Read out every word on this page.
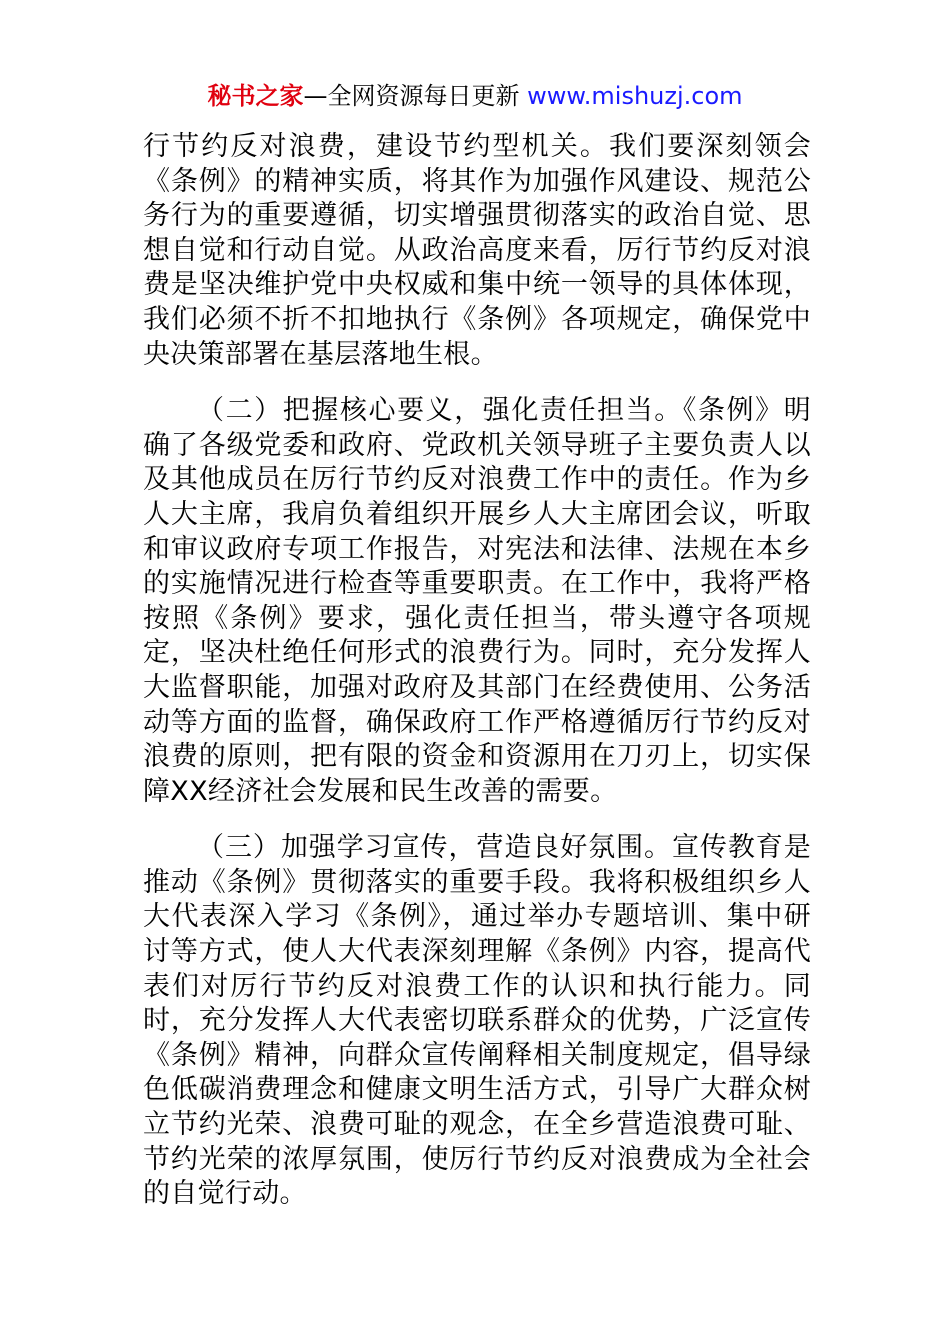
秘书之家—全网资源每日更新 www.mishuzj.com

行节约反对浪费，建设节约型机关。我们要深刻领会《条例》的精神实质，将其作为加强作风建设、规范公务行为的重要遵循，切实增强贯彻落实的政治自觉、思想自觉和行动自觉。从政治高度来看，厉行节约反对浪费是坚决维护党中央权威和集中统一领导的具体体现，我们必须不折不扣地执行《条例》各项规定，确保党中央决策部署在基层落地生根。

（二）把握核心要义，强化责任担当。《条例》明确了各级党委和政府、党政机关领导班子主要负责人以及其他成员在厉行节约反对浪费工作中的责任。作为乡人大主席，我肩负着组织开展乡人大主席团会议，听取和审议政府专项工作报告，对宪法和法律、法规在本乡的实施情况进行检查等重要职责。在工作中，我将严格按照《条例》要求，强化责任担当，带头遵守各项规定，坚决杜绝任何形式的浪费行为。同时，充分发挥人大监督职能，加强对政府及其部门在经费使用、公务活动等方面的监督，确保政府工作严格遵循厉行节约反对浪费的原则，把有限的资金和资源用在刀刃上，切实保障XX经济社会发展和民生改善的需要。

（三）加强学习宣传，营造良好氛围。宣传教育是推动《条例》贯彻落实的重要手段。我将积极组织乡人大代表深入学习《条例》，通过举办专题培训、集中研讨等方式，使人大代表深刻理解《条例》内容，提高代表们对厉行节约反对浪费工作的认识和执行能力。同时，充分发挥人大代表密切联系群众的优势，广泛宣传《条例》精神，向群众宣传阐释相关制度规定，倡导绿色低碳消费理念和健康文明生活方式，引导广大群众树立节约光荣、浪费可耻的观念，在全乡营造浪费可耻、节约光荣的浓厚氛围，使厉行节约反对浪费成为全社会的自觉行动。
